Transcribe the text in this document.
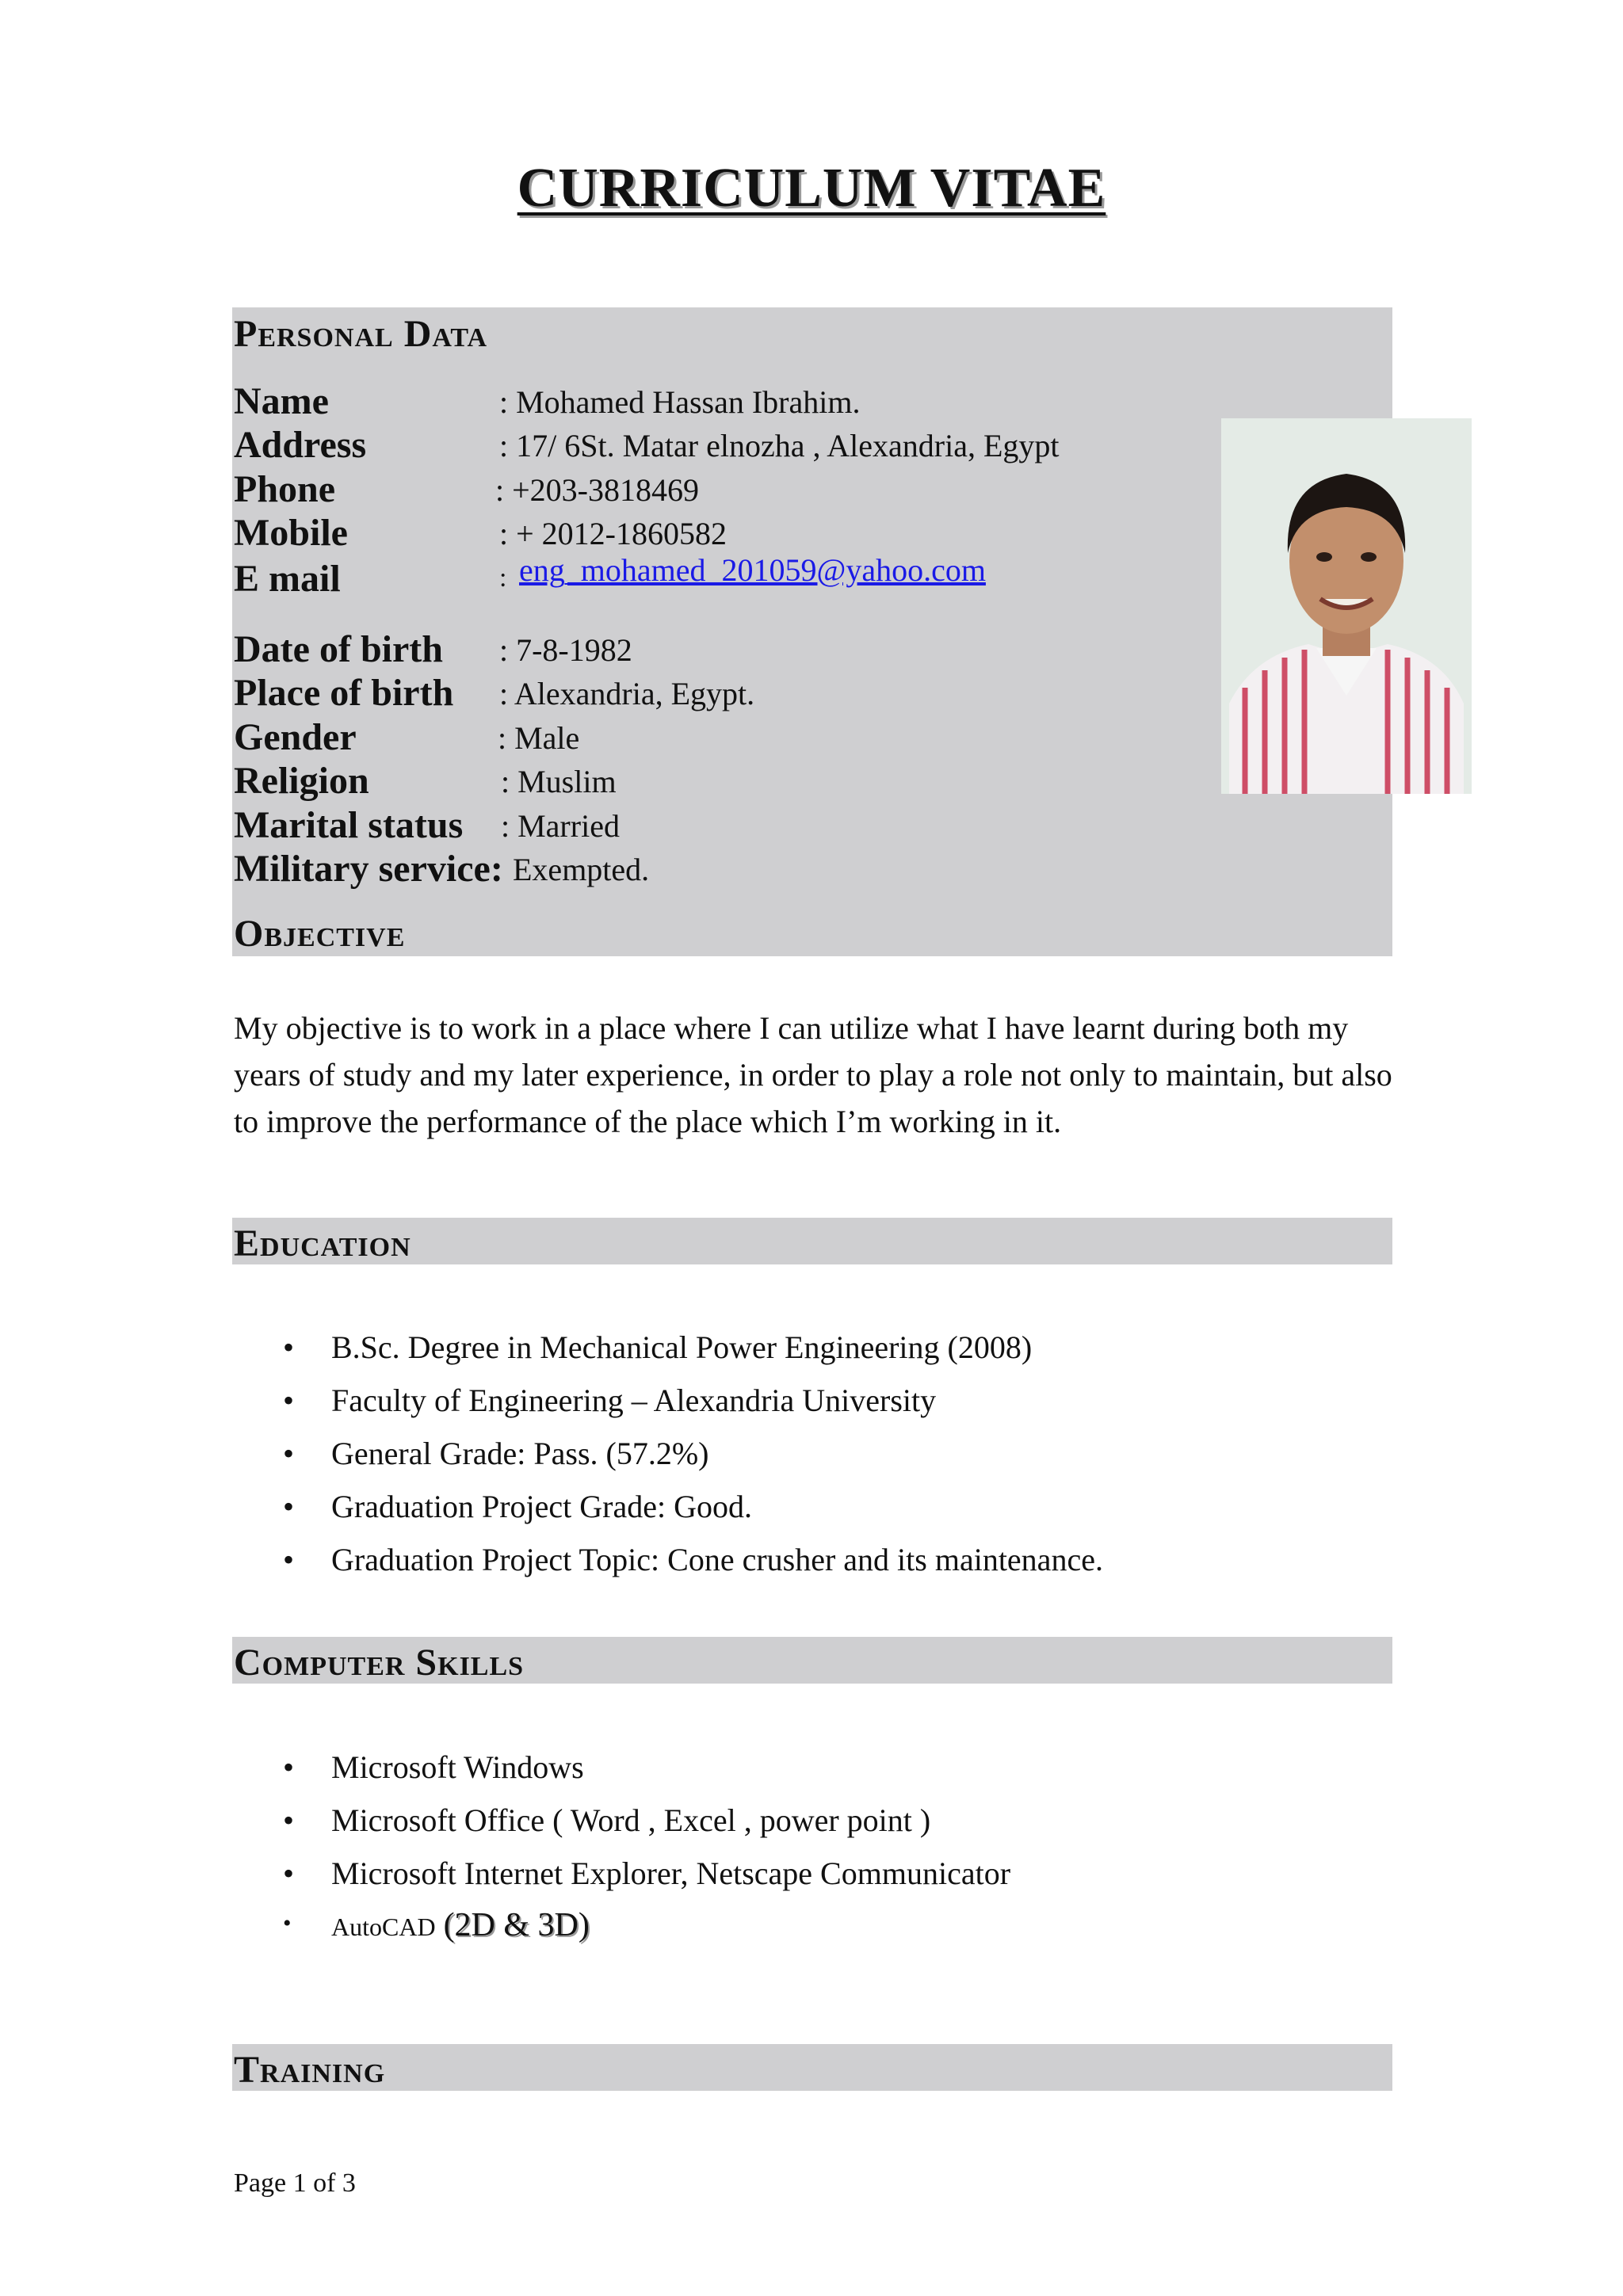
CURRICULUM VITAE
Personal Data
Name	: Mohamed Hassan Ibrahim.
Address	: 17/ 6St. Matar elnozha , Alexandria, Egypt
Phone	: +203-3818469
Mobile	: + 2012-1860582
E mail	: eng_mohamed_201059@yahoo.com
Date of birth : 7-8-1982
Place of birth : Alexandria, Egypt.
Gender	: Male
Religion	: Muslim
Marital status : Married
Military service: Exempted.
Objective
My objective is to work in a place where I can utilize what I have learnt during both my years of study and my later experience, in order to play a role not only to maintain, but also to improve the performance of the place which I’m working in it.
Education
• B.Sc. Degree in Mechanical Power Engineering (2008)
• Faculty of Engineering – Alexandria University
• General Grade: Pass. (57.2%)
• Graduation Project Grade: Good.
• Graduation Project Topic: Cone crusher and its maintenance.
Computer Skills
• Microsoft Windows
• Microsoft Office ( Word , Excel , power point )
• Microsoft Internet Explorer, Netscape Communicator
• AutoCAD (2D & 3D)
Training
Page 1 of 3
